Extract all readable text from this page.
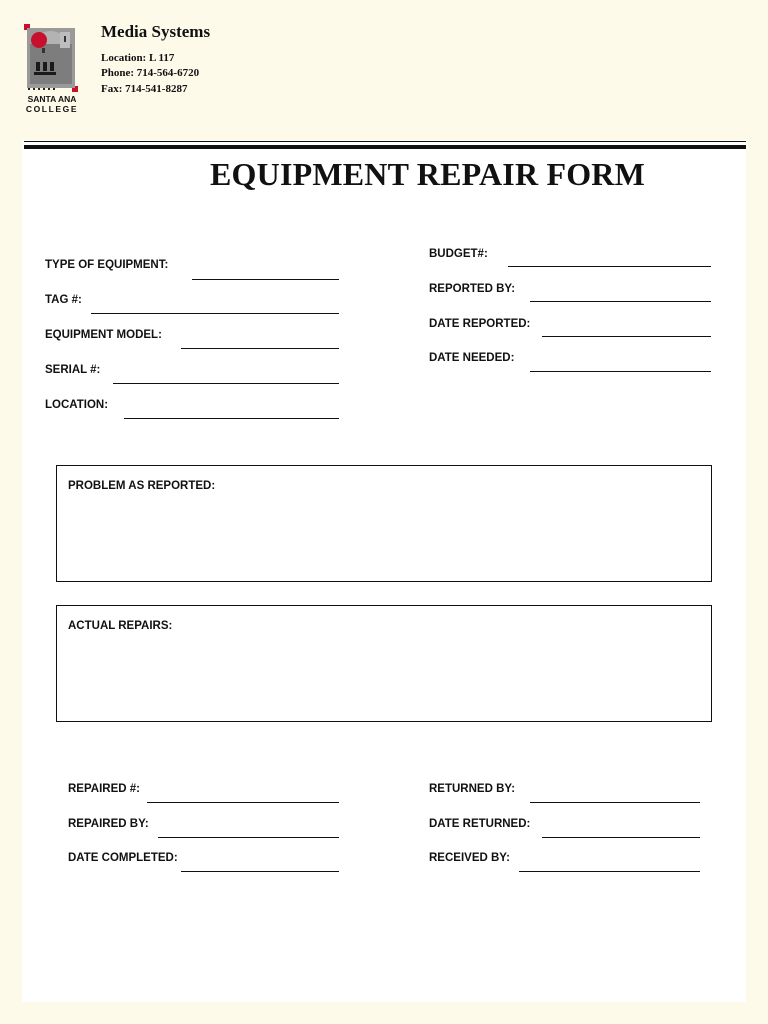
SANTA ANA
COLLEGE
Media Systems
Location: L 117
Phone: 714-564-6720
Fax: 714-541-8287
EQUIPMENT REPAIR FORM
TYPE OF EQUIPMENT:
TAG #:
EQUIPMENT MODEL:
SERIAL #:
LOCATION:
BUDGET#:
REPORTED BY:
DATE REPORTED:
DATE NEEDED:
PROBLEM AS REPORTED:
ACTUAL REPAIRS:
REPAIRED #:
REPAIRED BY:
DATE COMPLETED:
RETURNED BY:
DATE RETURNED:
RECEIVED BY:
